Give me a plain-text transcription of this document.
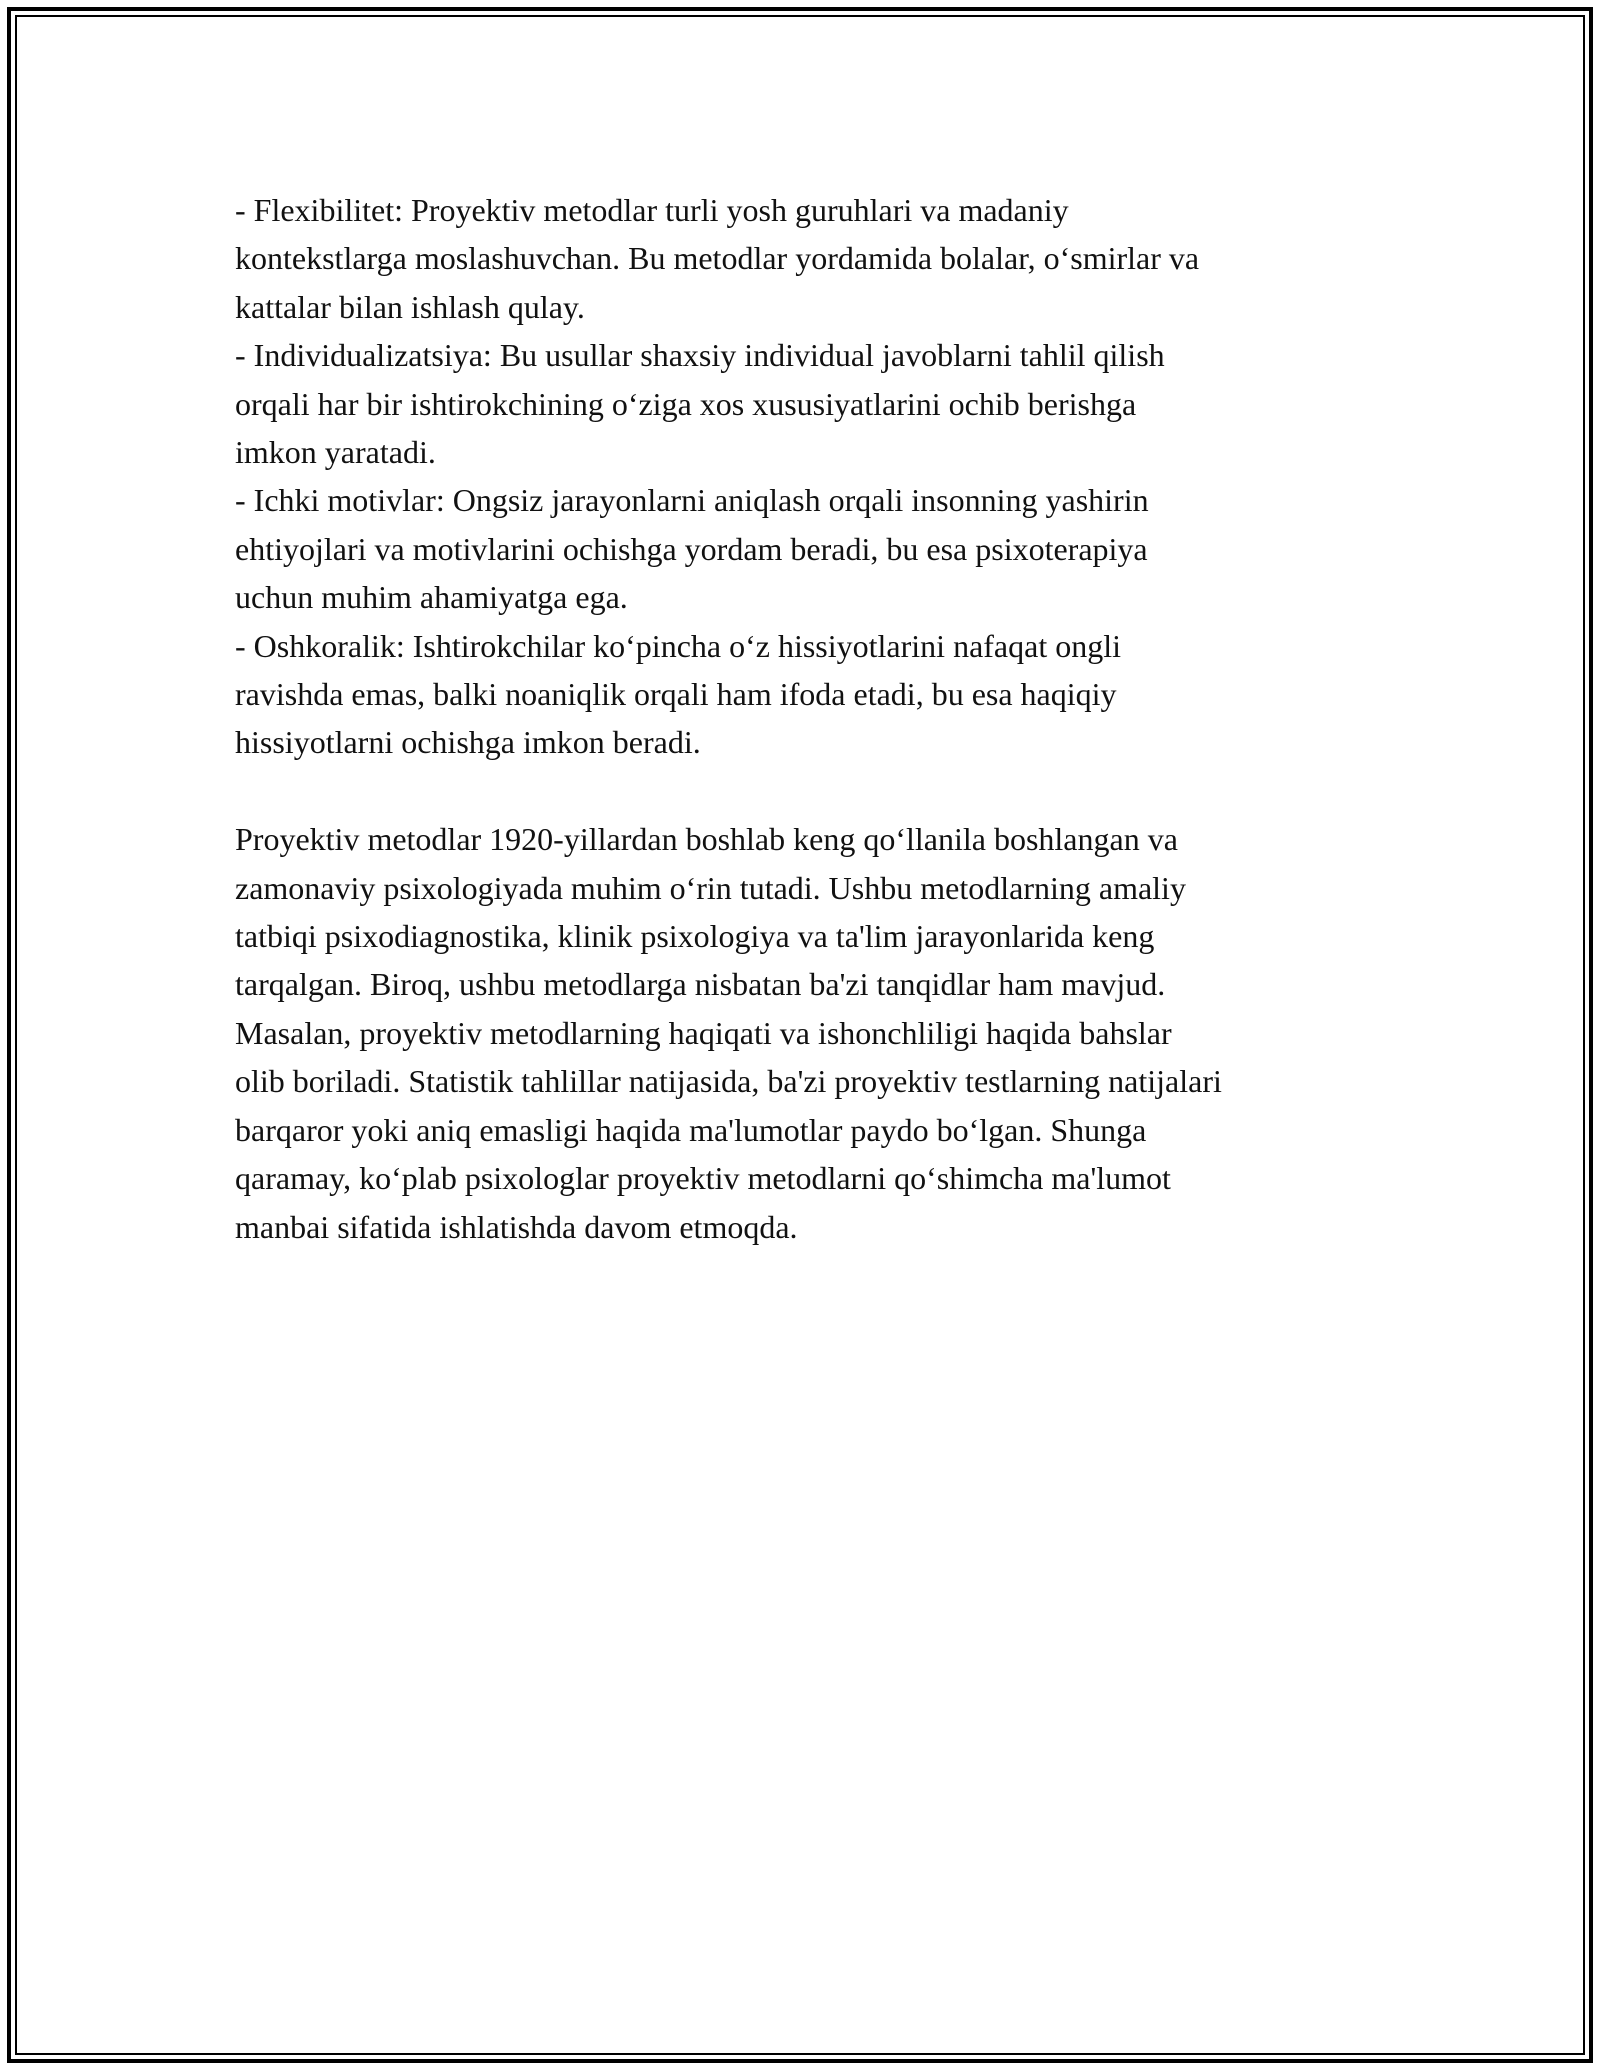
- Flexibilitet: Proyektiv metodlar turli yosh guruhlari va madaniy
kontekstlarga moslashuvchan. Bu metodlar yordamida bolalar, o‘smirlar va
kattalar bilan ishlash qulay.
- Individualizatsiya: Bu usullar shaxsiy individual javoblarni tahlil qilish
orqali har bir ishtirokchining o‘ziga xos xususiyatlarini ochib berishga
imkon yaratadi.
- Ichki motivlar: Ongsiz jarayonlarni aniqlash orqali insonning yashirin
ehtiyojlari va motivlarini ochishga yordam beradi, bu esa psixoterapiya
uchun muhim ahamiyatga ega.
- Oshkoralik: Ishtirokchilar ko‘pincha o‘z hissiyotlarini nafaqat ongli
ravishda emas, balki noaniqlik orqali ham ifoda etadi, bu esa haqiqiy
hissiyotlarni ochishga imkon beradi.
Proyektiv metodlar 1920-yillardan boshlab keng qo‘llanila boshlangan va
zamonaviy psixologiyada muhim o‘rin tutadi. Ushbu metodlarning amaliy
tatbiqi psixodiagnostika, klinik psixologiya va ta'lim jarayonlarida keng
tarqalgan. Biroq, ushbu metodlarga nisbatan ba'zi tanqidlar ham mavjud.
Masalan, proyektiv metodlarning haqiqati va ishonchliligi haqida bahslar
olib boriladi. Statistik tahlillar natijasida, ba'zi proyektiv testlarning natijalari
barqaror yoki aniq emasligi haqida ma'lumotlar paydo bo‘lgan. Shunga
qaramay, ko‘plab psixologlar proyektiv metodlarni qo‘shimcha ma'lumot
manbai sifatida ishlatishda davom etmoqda.
